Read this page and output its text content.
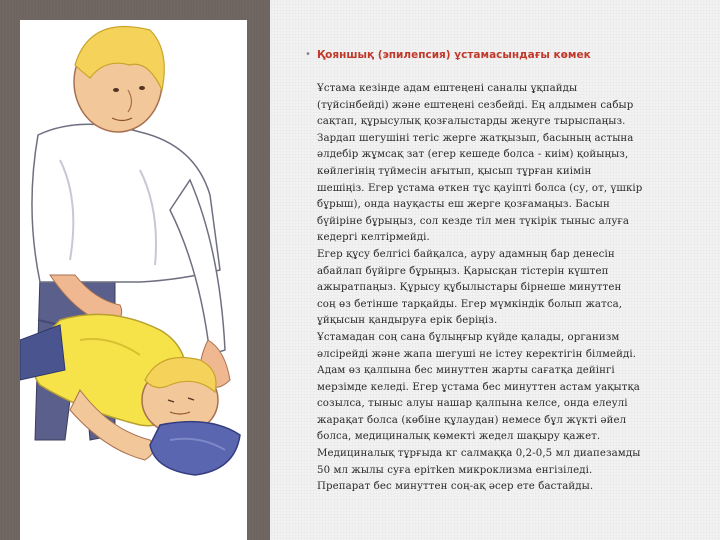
• Қояншық (эпилепсия) ұстамасындағы көмек
Ұстама кезінде адам ештеңені саналы ұқпайды
(түйсінбейді) және ештеңені сезбейді. Ең алдымен сабыр
сақтап, құрысулық қозғалыстарды жеңуге тырыспаңыз.
Зардап шегушіні тегіс жерге жатқызып, басының астына
әлдебір жұмсақ зат (егер кешеде болса - киім) қойыңыз,
көйлегінің түймесін ағытып, қысып тұрған киімін
шешіңіз. Егер ұстама өткен тұс қауіпті болса (су, от, үшкір
бұрыш), онда науқасты еш жерге қозғамаңыз. Басын
бүйіріне бұрыңыз, сол кезде тіл мен түкірік тыныс алуға
кедергі келтірмейді.
Егер құсу белгісі байқалса, ауру адамның бар денесін
абайлап бүйірге бұрыңыз. Қарысқан тістерін күштеп
ажыратпаңыз. Құрысу құбылыстары бірнеше минуттен
соң өз бетінше тарқайды. Егер мүмкіндік болып жатса,
ұйқысын қандыруға ерік беріңіз.
Ұстамадан соң сана бұлыңғыр күйде қалады, организм
әлсірейді және жапа шегуші не істеу керектігін білмейді.
Адам өз қалпына бес минуттен жарты сағатқа дейінгі
мерзімде келеді. Егер ұстама бес минуттен астам уақытқа
созылса, тыныс алуы нашар қалпына келсе, онда елеулі
жарақат болса (көбіне құлаудан) немесе бұл жүкті әйел
болса, медициналық көмекті жедел шақыру қажет.
Медициналық тұрғыда кг салмаққа 0,2-0,5 мл диапезамды
50 мл жылы суға ерітken микроклизма енгізіледі.
Препарат бес минуттен соң-ақ әсер ете бастайды.
